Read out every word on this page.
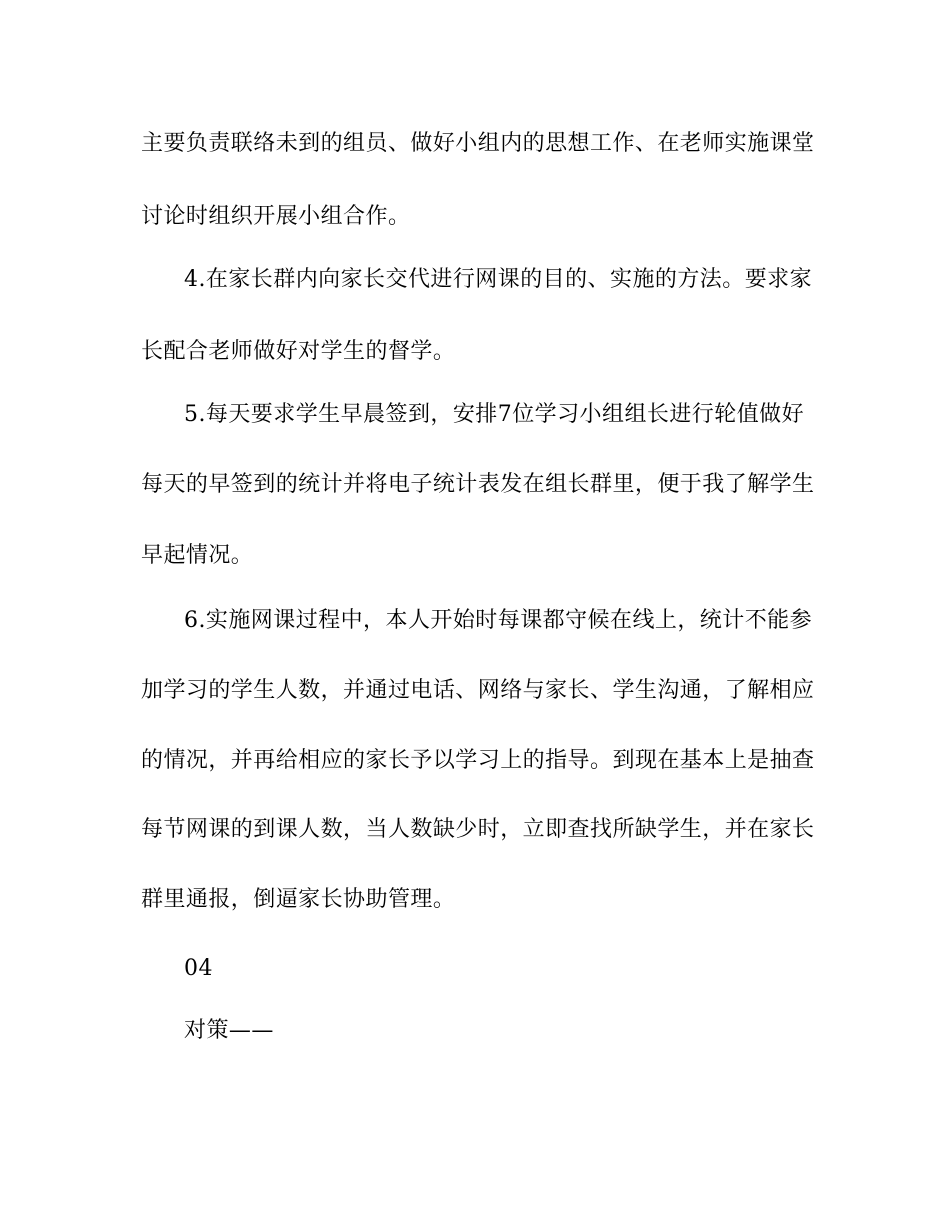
主要负责联络未到的组员、做好小组内的思想工作、在老师实施课堂
讨论时组织开展小组合作。
4.在家长群内向家长交代进行网课的目的、实施的方法。要求家
长配合老师做好对学生的督学。
5.每天要求学生早晨签到，安排7位学习小组组长进行轮值做好
每天的早签到的统计并将电子统计表发在组长群里，便于我了解学生
早起情况。
6.实施网课过程中，本人开始时每课都守候在线上，统计不能参
加学习的学生人数，并通过电话、网络与家长、学生沟通，了解相应
的情况，并再给相应的家长予以学习上的指导。到现在基本上是抽查
每节网课的到课人数，当人数缺少时，立即查找所缺学生，并在家长
群里通报，倒逼家长协助管理。
04
对策——
